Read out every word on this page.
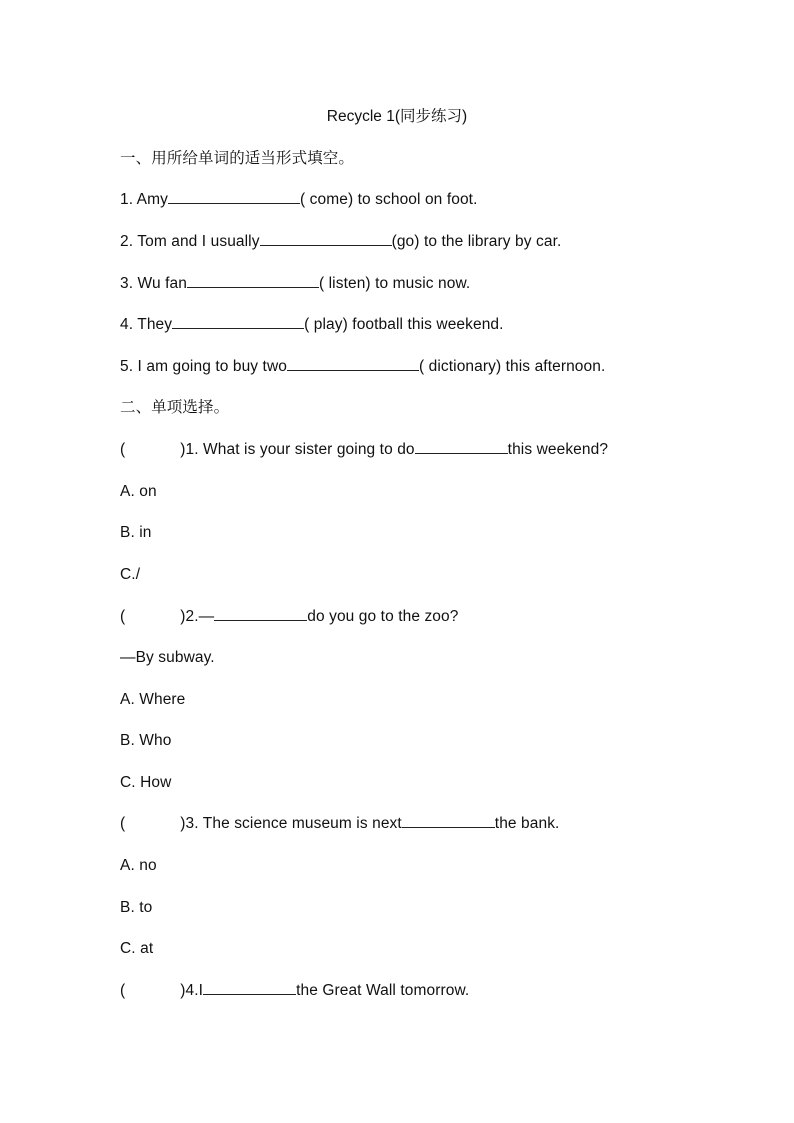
Recycle 1(同步练习)
一、用所给单词的适当形式填空。
1. Amy	( come) to school on foot.
2. Tom and I usually	(go) to the library by car.
3. Wu fan	( listen) to music now.
4. They	( play) football this weekend.
5. I am going to buy two	( dictionary) this afternoon.
二、单项选择。
(	)1. What is your sister going to do	this weekend?
A. on
B. in
C./
(	)2.—	do you go to the zoo?
—By subway.
A. Where
B. Who
C. How
(	)3. The science museum is next	the bank.
A. no
B. to
C. at
(	)4.I	the Great Wall tomorrow.
